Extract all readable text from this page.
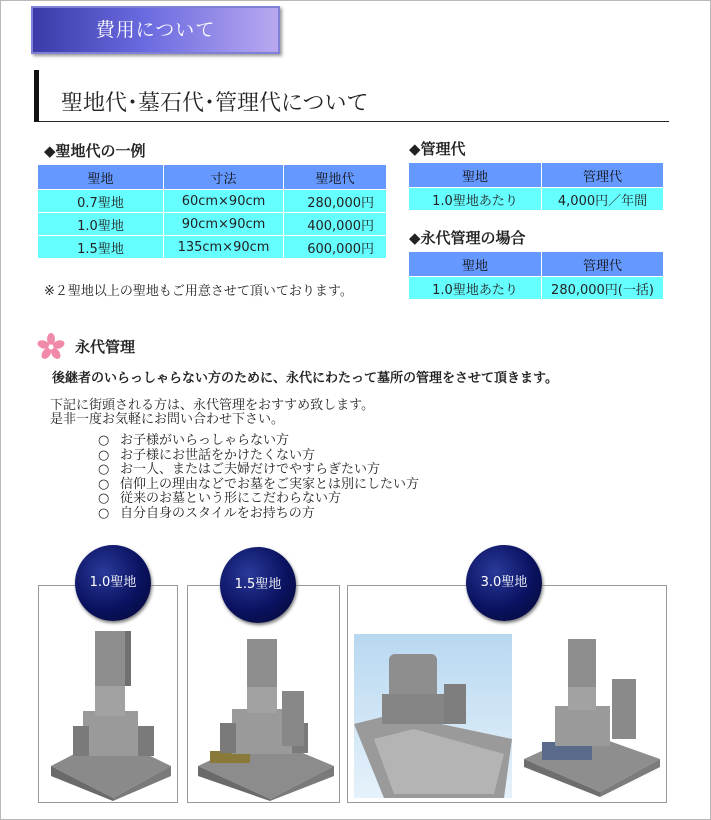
費用について
聖地代･墓石代･管理代について
◆聖地代の一例
聖地	寸法	聖地代
0.7聖地	60cm×90cm	280,000円
1.0聖地	90cm×90cm	400,000円
1.5聖地	135cm×90cm	600,000円
※２聖地以上の聖地もご用意させて頂いております。
◆管理代
聖地	管理代
1.0聖地あたり	4,000円／年間
◆永代管理の場合
聖地	管理代
1.0聖地あたり	280,000円(一括)
永代管理
後継者のいらっしゃらない方のために、永代にわたって墓所の管理をさせて頂きます。
下記に街頭される方は、永代管理をおすすめ致します。
是非一度お気軽にお問い合わせ下さい。
○ お子様がいらっしゃらない方
○ お子様にお世話をかけたくない方
○ お一人、またはご夫婦だけでやすらぎたい方
○ 信仰上の理由などでお墓をご実家とは別にしたい方
○ 従来のお墓という形にこだわらない方
○ 自分自身のスタイルをお持ちの方
1.0聖地	1.5聖地	3.0聖地
